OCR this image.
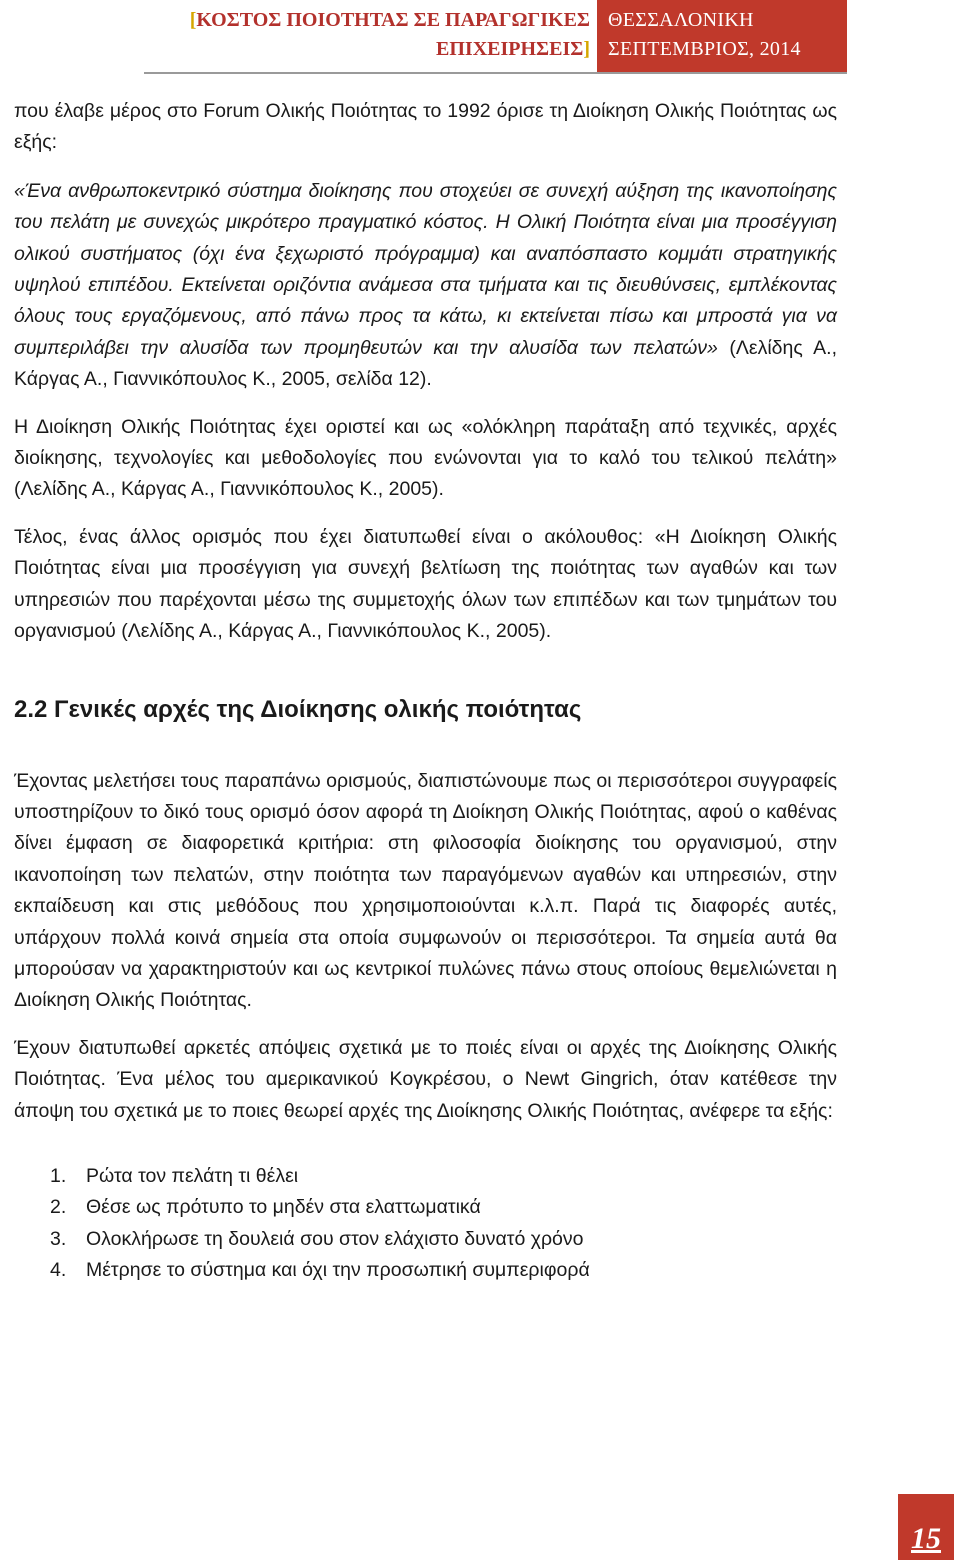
[ΚΟΣΤΟΣ ΠΟΙΟΤΗΤΑΣ ΣΕ ΠΑΡΑΓΩΓΙΚΕΣ
ΕΠΙΧΕΙΡΗΣΕΙΣ]
ΘΕΣΣΑΛΟΝΙΚΗ
ΣΕΠΤΕΜΒΡΙΟΣ, 2014

που έλαβε μέρος στο Forum Ολικής Ποιότητας το 1992 όρισε τη Διοίκηση Ολικής Ποιότητας ως εξής:

«Ένα ανθρωποκεντρικό σύστημα διοίκησης που στοχεύει σε συνεχή αύξηση της ικανοποίησης του πελάτη με συνεχώς μικρότερο πραγματικό κόστος. Η Ολική Ποιότητα είναι μια προσέγγιση ολικού συστήματος (όχι ένα ξεχωριστό πρόγραμμα) και αναπόσπαστο κομμάτι στρατηγικής υψηλού επιπέδου. Εκτείνεται οριζόντια ανάμεσα στα τμήματα και τις διευθύνσεις, εμπλέκοντας όλους τους εργαζόμενους, από πάνω προς τα κάτω, κι εκτείνεται πίσω και μπροστά για να συμπεριλάβει την αλυσίδα των προμηθευτών και την αλυσίδα των πελατών» (Λελίδης Α., Κάργας Α., Γιαννικόπουλος Κ., 2005, σελίδα 12).

Η Διοίκηση Ολικής Ποιότητας έχει οριστεί και ως «ολόκληρη παράταξη από τεχνικές, αρχές διοίκησης, τεχνολογίες και μεθοδολογίες που ενώνονται για το καλό του τελικού πελάτη» (Λελίδης Α., Κάργας Α., Γιαννικόπουλος Κ., 2005).

Τέλος, ένας άλλος ορισμός που έχει διατυπωθεί είναι ο ακόλουθος: «Η Διοίκηση Ολικής Ποιότητας είναι μια προσέγγιση για συνεχή βελτίωση της ποιότητας των αγαθών και των υπηρεσιών που παρέχονται μέσω της συμμετοχής όλων των επιπέδων και των τμημάτων του οργανισμού (Λελίδης Α., Κάργας Α., Γιαννικόπουλος Κ., 2005).

2.2 Γενικές αρχές της Διοίκησης ολικής ποιότητας

Έχοντας μελετήσει τους παραπάνω ορισμούς, διαπιστώνουμε πως οι περισσότεροι συγγραφείς υποστηρίζουν το δικό τους ορισμό όσον αφορά τη Διοίκηση Ολικής Ποιότητας, αφού ο καθένας δίνει έμφαση σε διαφορετικά κριτήρια: στη φιλοσοφία διοίκησης του οργανισμού, στην ικανοποίηση των πελατών, στην ποιότητα των παραγόμενων αγαθών και υπηρεσιών, στην εκπαίδευση και στις μεθόδους που χρησιμοποιούνται κ.λ.π. Παρά τις διαφορές αυτές, υπάρχουν πολλά κοινά σημεία στα οποία συμφωνούν οι περισσότεροι. Τα σημεία αυτά θα μπορούσαν να χαρακτηριστούν και ως κεντρικοί πυλώνες πάνω στους οποίους θεμελιώνεται η Διοίκηση Ολικής Ποιότητας.

Έχουν διατυπωθεί αρκετές απόψεις σχετικά με το ποιές είναι οι αρχές της Διοίκησης Ολικής Ποιότητας. Ένα μέλος του αμερικανικού Κογκρέσου, ο Newt Gingrich, όταν κατέθεσε την άποψη του σχετικά με το ποιες θεωρεί αρχές της Διοίκησης Ολικής Ποιότητας, ανέφερε τα εξής:

1. Ρώτα τον πελάτη τι θέλει
2. Θέσε ως πρότυπο το μηδέν στα ελαττωματικά
3. Ολοκλήρωσε τη δουλειά σου στον ελάχιστο δυνατό χρόνο
4. Μέτρησε το σύστημα και όχι την προσωπική συμπεριφορά
15
